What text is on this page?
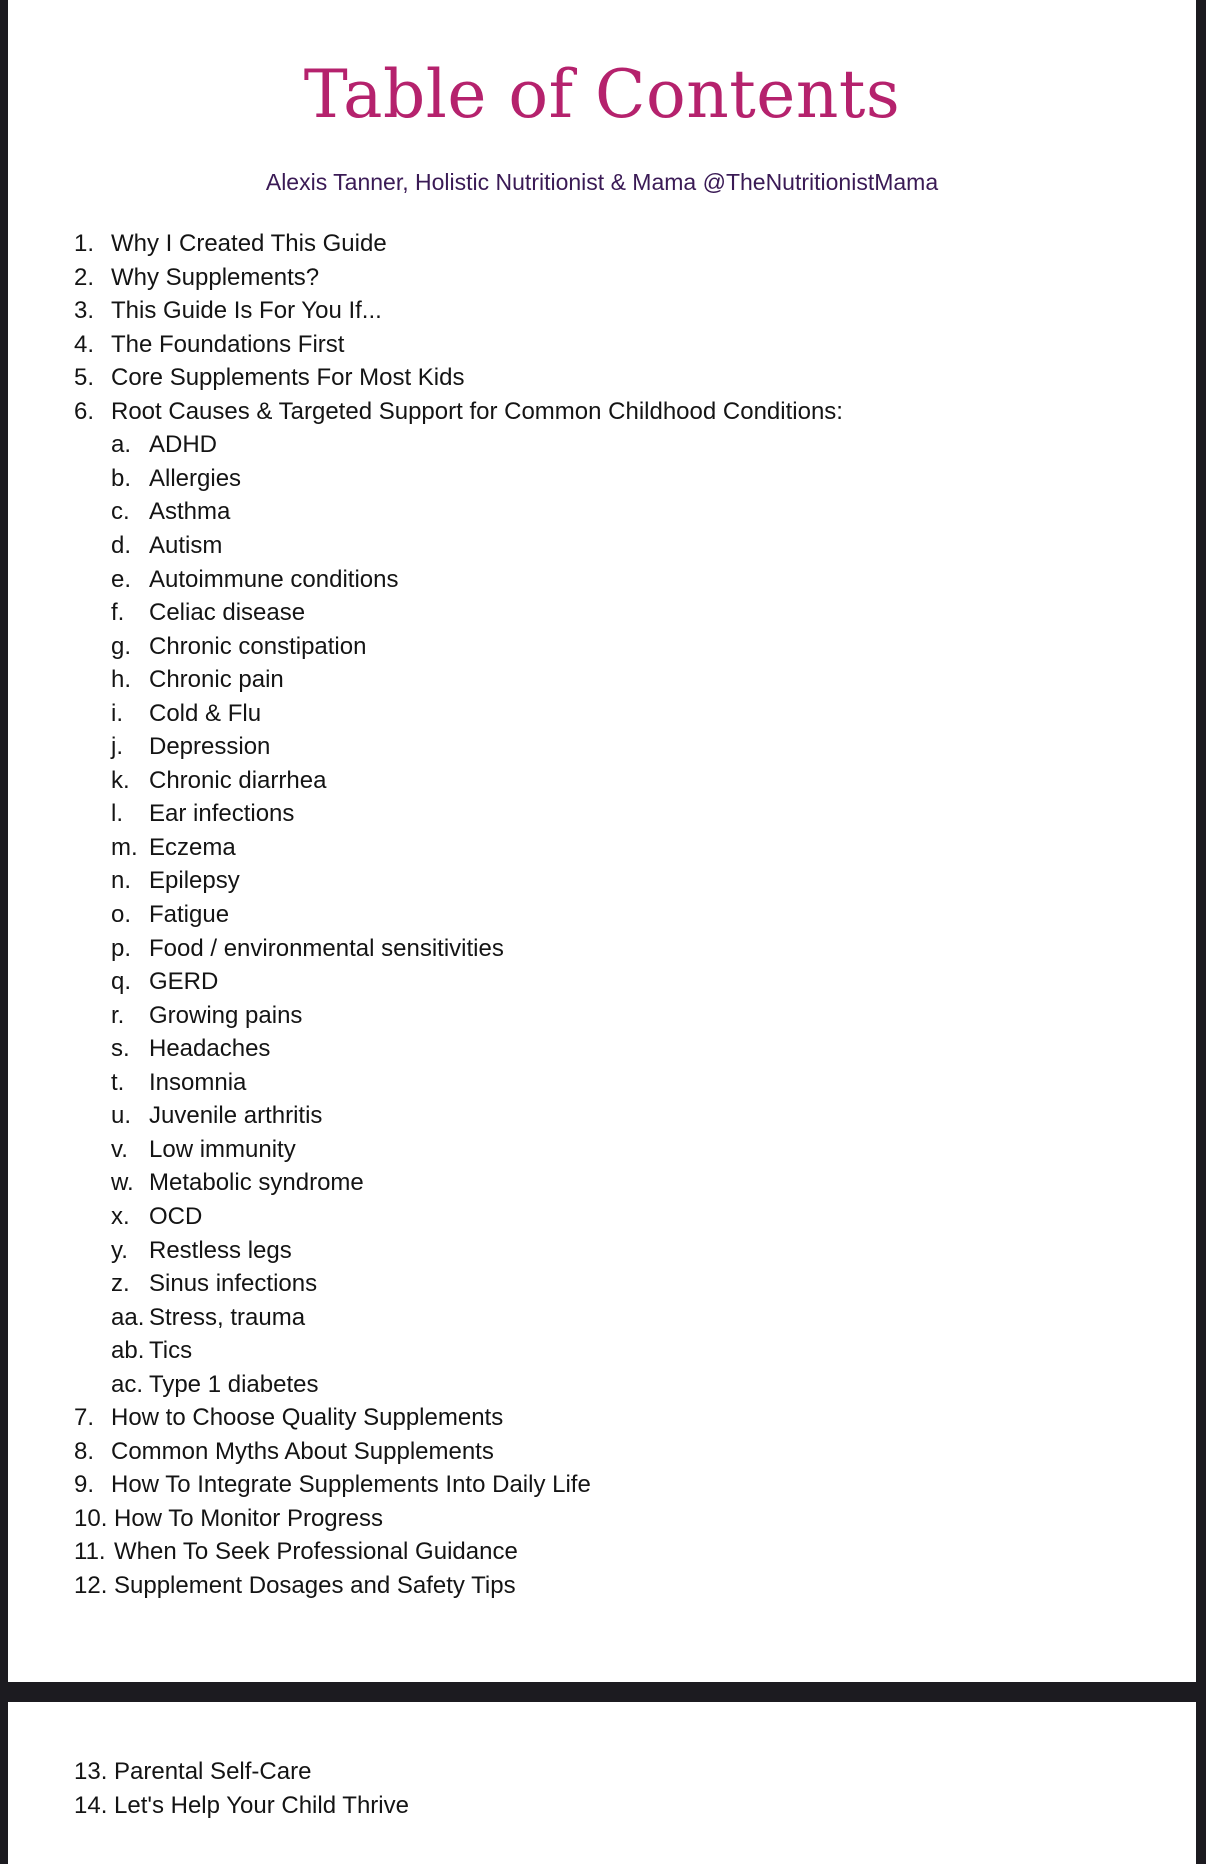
Table of Contents
Alexis Tanner, Holistic Nutritionist & Mama @TheNutritionistMama
1. Why I Created This Guide
2. Why Supplements?
3. This Guide Is For You If...
4. The Foundations First
5. Core Supplements For Most Kids
6. Root Causes & Targeted Support for Common Childhood Conditions:
a. ADHD
b. Allergies
c. Asthma
d. Autism
e. Autoimmune conditions
f. Celiac disease
g. Chronic constipation
h. Chronic pain
i. Cold & Flu
j. Depression
k. Chronic diarrhea
l. Ear infections
m. Eczema
n. Epilepsy
o. Fatigue
p. Food / environmental sensitivities
q. GERD
r. Growing pains
s. Headaches
t. Insomnia
u. Juvenile arthritis
v. Low immunity
w. Metabolic syndrome
x. OCD
y. Restless legs
z. Sinus infections
aa. Stress, trauma
ab. Tics
ac. Type 1 diabetes
7. How to Choose Quality Supplements
8. Common Myths About Supplements
9. How To Integrate Supplements Into Daily Life
10. How To Monitor Progress
11. When To Seek Professional Guidance
12. Supplement Dosages and Safety Tips
13. Parental Self-Care
14. Let's Help Your Child Thrive
